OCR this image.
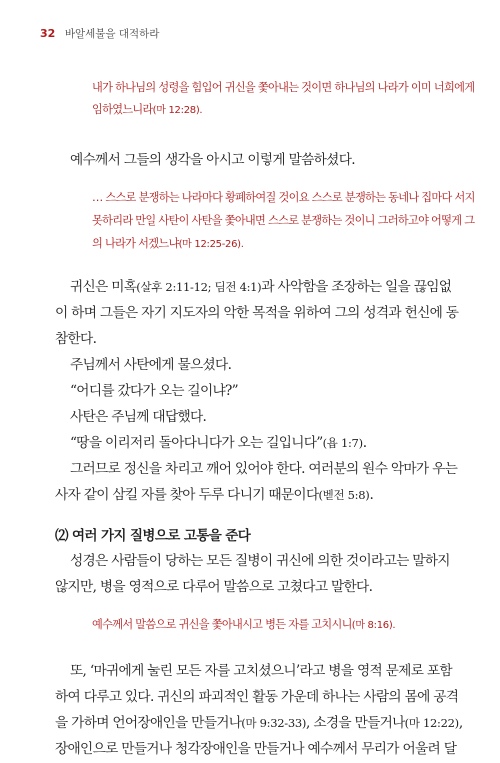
32 바알세불을 대적하라
내가 하나님의 성령을 힘입어 귀신을 쫓아내는 것이면 하나님의 나라가 이미 너희에게
임하였느니라(마 12:28).
예수께서 그들의 생각을 아시고 이렇게 말씀하셨다.
… 스스로 분쟁하는 나라마다 황폐하여질 것이요 스스로 분쟁하는 동네나 집마다 서지
못하리라 만일 사탄이 사탄을 쫓아내면 스스로 분쟁하는 것이니 그러하고야 어떻게 그
의 나라가 서겠느냐(마 12:25-26).
귀신은 미혹(살후 2:11-12; 딤전 4:1)과 사악함을 조장하는 일을 끊임없
이 하며 그들은 자기 지도자의 악한 목적을 위하여 그의 성격과 헌신에 동
참한다.
주님께서 사탄에게 물으셨다.
“어디를 갔다가 오는 길이냐?”
사탄은 주님께 대답했다.
“땅을 이리저리 돌아다니다가 오는 길입니다”(욥 1:7).
그러므로 정신을 차리고 깨어 있어야 한다. 여러분의 원수 악마가 우는
사자 같이 삼킬 자를 찾아 두루 다니기 때문이다(벧전 5:8).
⑵ 여러 가지 질병으로 고통을 준다
성경은 사람들이 당하는 모든 질병이 귀신에 의한 것이라고는 말하지
않지만, 병을 영적으로 다루어 말씀으로 고쳤다고 말한다.
예수께서 말씀으로 귀신을 쫓아내시고 병든 자를 고치시니(마 8:16).
또, ‘마귀에게 눌린 모든 자를 고치셨으니’라고 병을 영적 문제로 포함
하여 다루고 있다. 귀신의 파괴적인 활동 가운데 하나는 사람의 몸에 공격
을 가하며 언어장애인을 만들거나(마 9:32-33), 소경을 만들거나(마 12:22),
장애인으로 만들거나 청각장애인을 만들거나 예수께서 무리가 어울려 달
